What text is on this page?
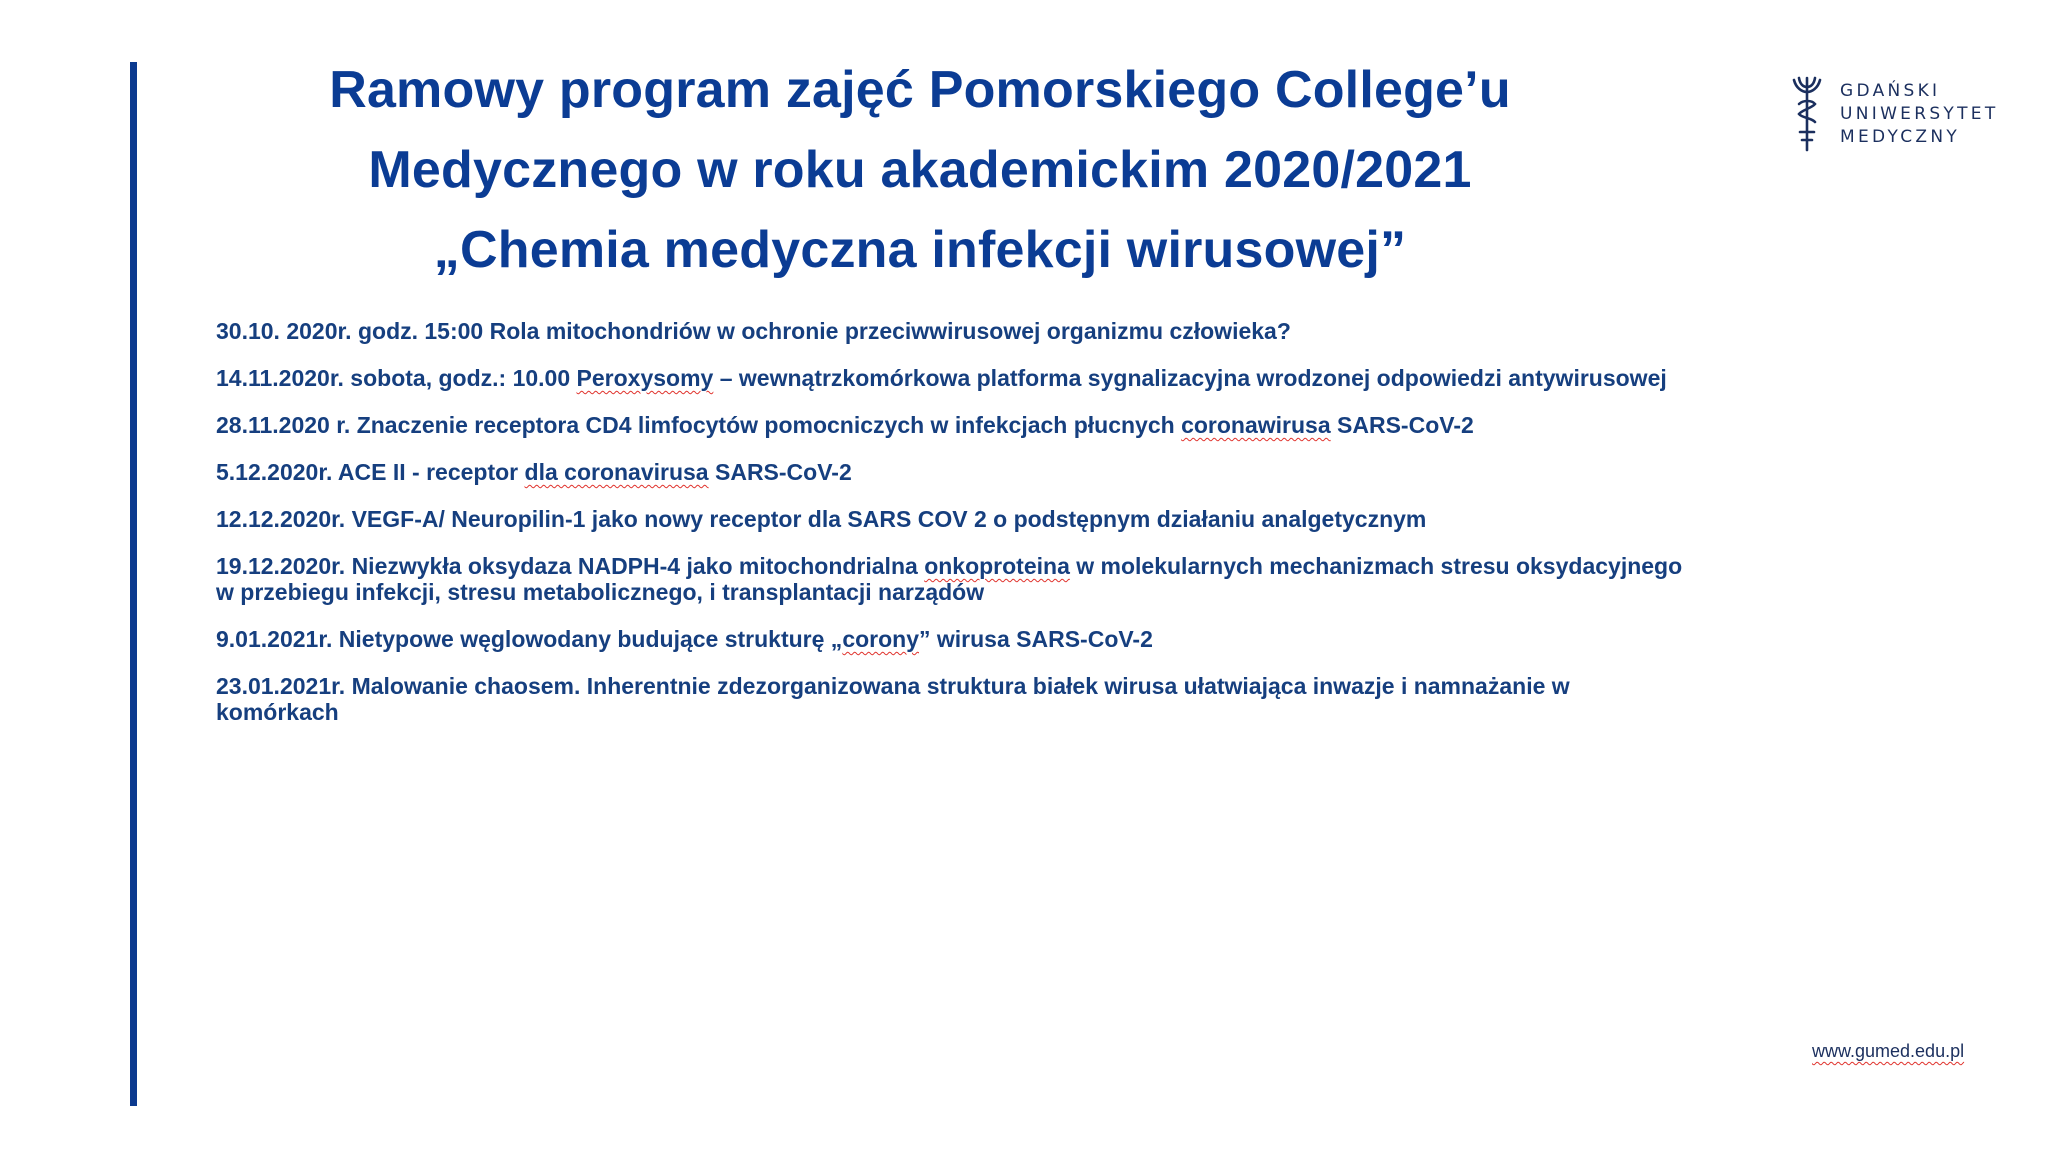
Ramowy program zajęć Pomorskiego College’u
Medycznego w roku akademickim 2020/2021
„Chemia medyczna infekcji wirusowej”
GDAŃSKI
UNIWERSYTET
MEDYCZNY
30.10. 2020r. godz. 15:00 Rola mitochondriów w ochronie przeciwwirusowej organizmu człowieka?
14.11.2020r. sobota, godz.: 10.00 Peroxysomy – wewnątrzkomórkowa platforma sygnalizacyjna wrodzonej odpowiedzi antywirusowej
28.11.2020 r. Znaczenie receptora CD4 limfocytów pomocniczych w infekcjach płucnych coronawirusa SARS-CoV-2
5.12.2020r. ACE II - receptor dla coronavirusa SARS-CoV-2
12.12.2020r. VEGF-A/ Neuropilin-1 jako nowy receptor dla SARS COV 2 o podstępnym działaniu analgetycznym
19.12.2020r. Niezwykła oksydaza NADPH-4 jako mitochondrialna onkoproteina w molekularnych mechanizmach stresu oksydacyjnego w przebiegu infekcji, stresu metabolicznego, i transplantacji narządów
9.01.2021r. Nietypowe węglowodany budujące strukturę „corony” wirusa SARS-CoV-2
23.01.2021r. Malowanie chaosem. Inherentnie zdezorganizowana struktura białek wirusa ułatwiająca inwazje i namnażanie w komórkach
www.gumed.edu.pl
